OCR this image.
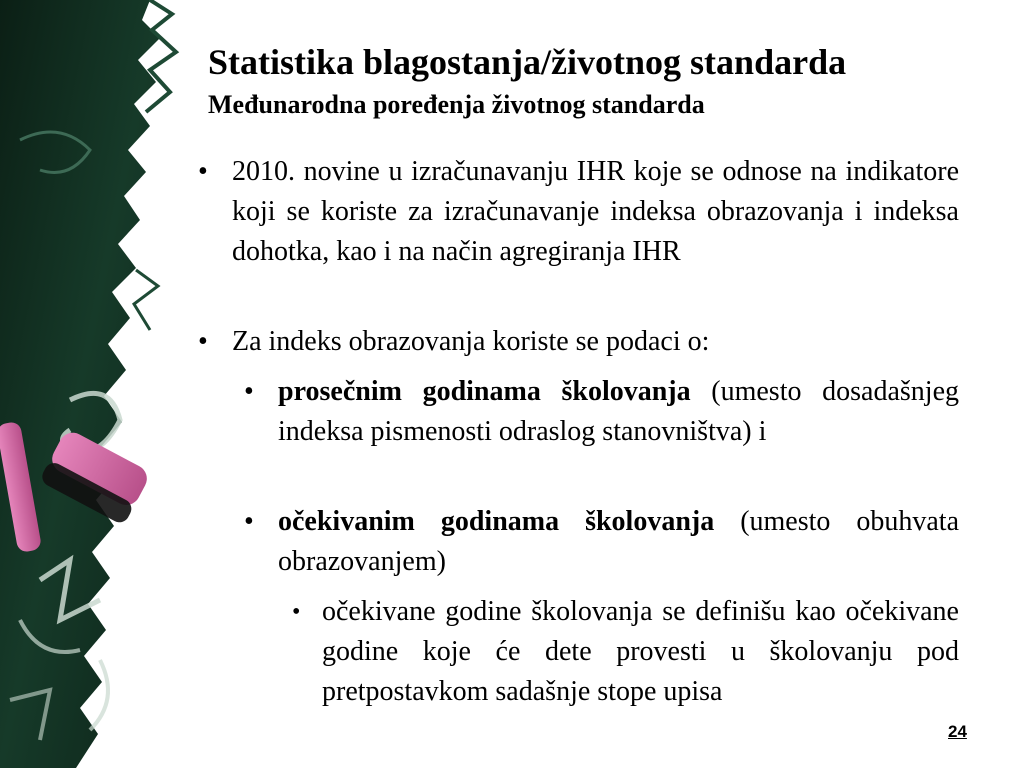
Statistika blagostanja/životnog standarda
Međunarodna poređenja životnog standarda
• 2010. novine u izračunavanju IHR koje se odnose na indikatore koji se koriste za izračunavanje indeksa obrazovanja i indeksa dohotka, kao i na način agregiranja IHR
• Za indeks obrazovanja koriste se podaci o:
• prosečnim godinama školovanja (umesto dosadašnjeg indeksa pismenosti odraslog stanovništva) i
• očekivanim godinama školovanja (umesto obuhvata obrazovanjem)
• očekivane godine školovanja se definišu kao očekivane godine koje će dete provesti u školovanju pod pretpostavkom sadašnje stope upisa
24
